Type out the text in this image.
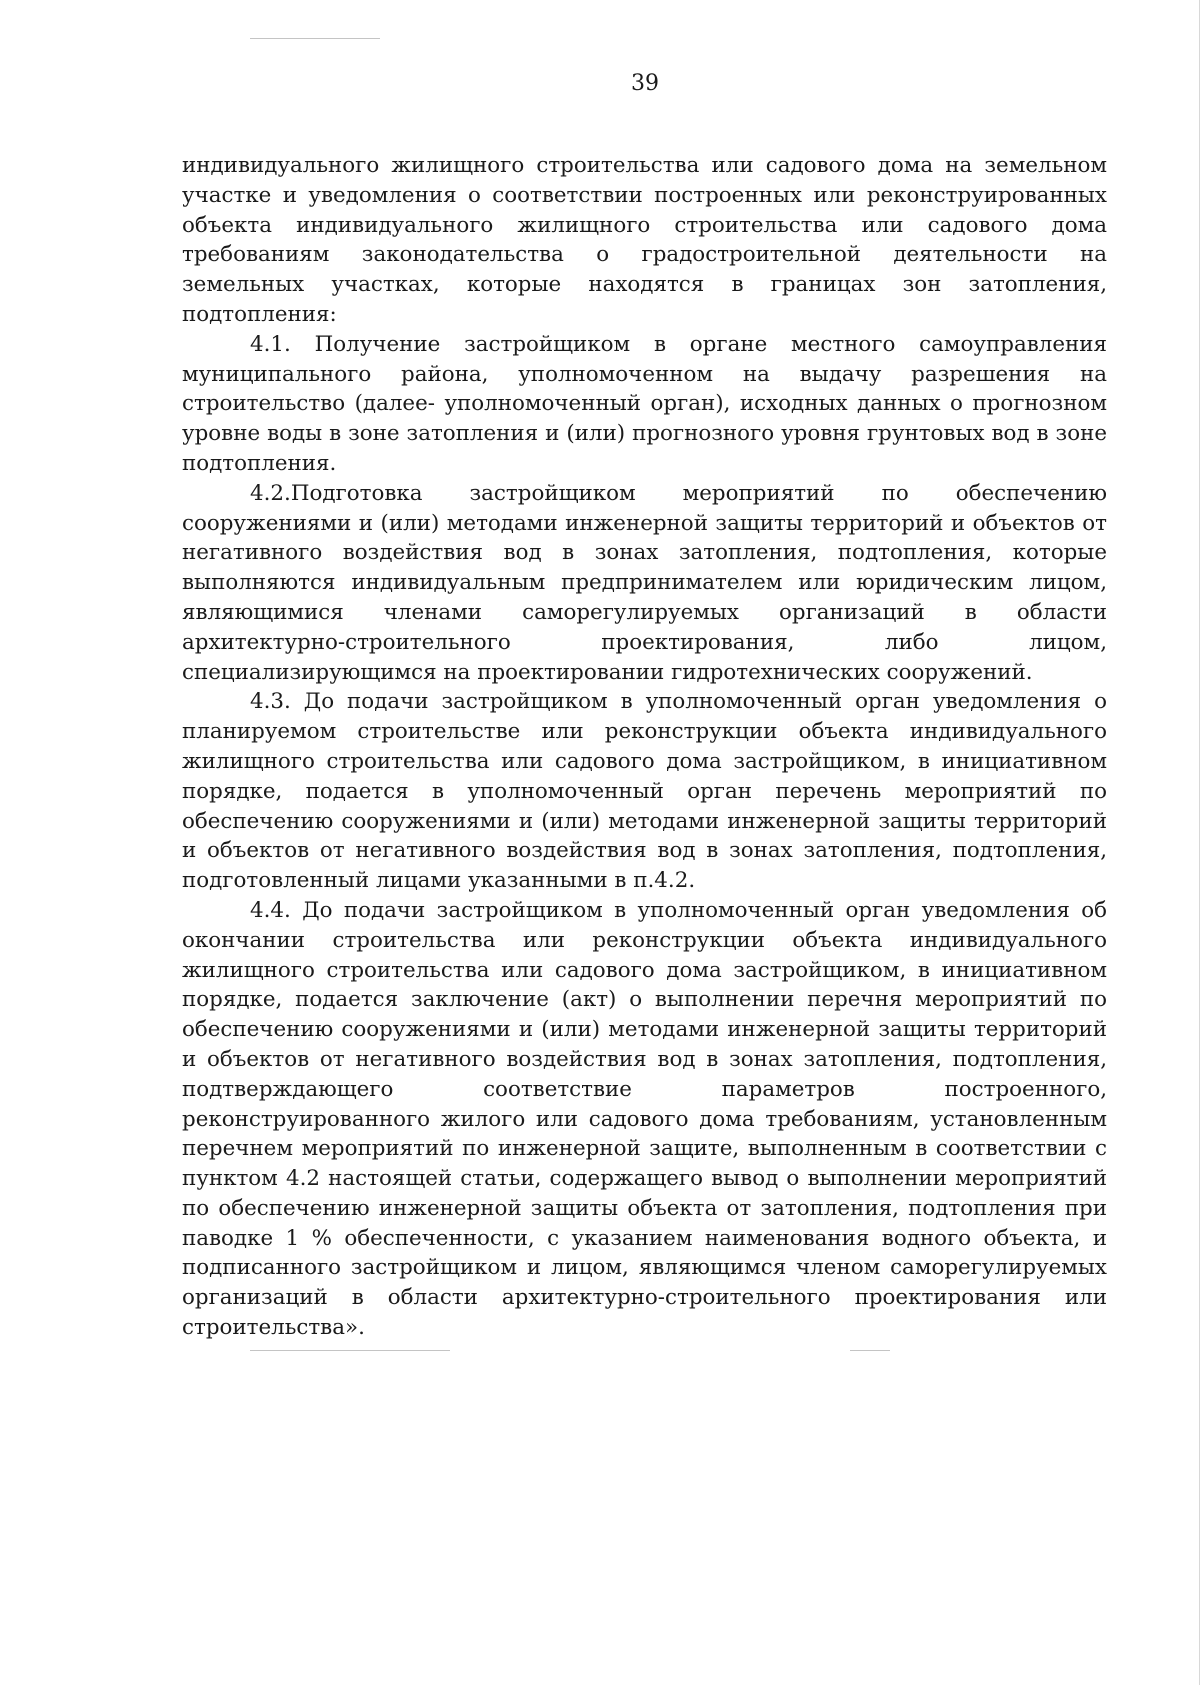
39

индивидуального жилищного строительства или садового дома на земельном участке и уведомления о соответствии построенных или реконструированных объекта индивидуального жилищного строительства или садового дома требованиям законодательства о градостроительной деятельности на земельных участках, которые находятся в границах зон затопления, подтопления:

4.1. Получение застройщиком в органе местного самоуправления муниципального района, уполномоченном на выдачу разрешения на строительство (далее- уполномоченный орган), исходных данных о прогнозном уровне воды в зоне затопления и (или) прогнозного уровня грунтовых вод в зоне подтопления.

4.2.Подготовка застройщиком мероприятий по обеспечению сооружениями и (или) методами инженерной защиты территорий и объектов от негативного воздействия вод в зонах затопления, подтопления, которые выполняются индивидуальным предпринимателем или юридическим лицом, являющимися членами саморегулируемых организаций в области архитектурно-строительного проектирования, либо лицом, специализирующимся на проектировании гидротехнических сооружений.

4.3. До подачи застройщиком в уполномоченный орган уведомления о планируемом строительстве или реконструкции объекта индивидуального жилищного строительства или садового дома застройщиком, в инициативном порядке, подается в уполномоченный орган перечень мероприятий по обеспечению сооружениями и (или) методами инженерной защиты территорий и объектов от негативного воздействия вод в зонах затопления, подтопления, подготовленный лицами указанными в п.4.2.

4.4. До подачи застройщиком в уполномоченный орган уведомления об окончании строительства или реконструкции объекта индивидуального жилищного строительства или садового дома застройщиком, в инициативном порядке, подается заключение (акт) о выполнении перечня мероприятий по обеспечению сооружениями и (или) методами инженерной защиты территорий и объектов от негативного воздействия вод в зонах затопления, подтопления, подтверждающего соответствие параметров построенного, реконструированного жилого или садового дома требованиям, установленным перечнем мероприятий по инженерной защите, выполненным в соответствии с пунктом 4.2 настоящей статьи, содержащего вывод о выполнении мероприятий по обеспечению инженерной защиты объекта от затопления, подтопления при паводке 1 % обеспеченности, с указанием наименования водного объекта, и подписанного застройщиком и лицом, являющимся членом саморегулируемых организаций в области архитектурно-строительного проектирования или строительства».
